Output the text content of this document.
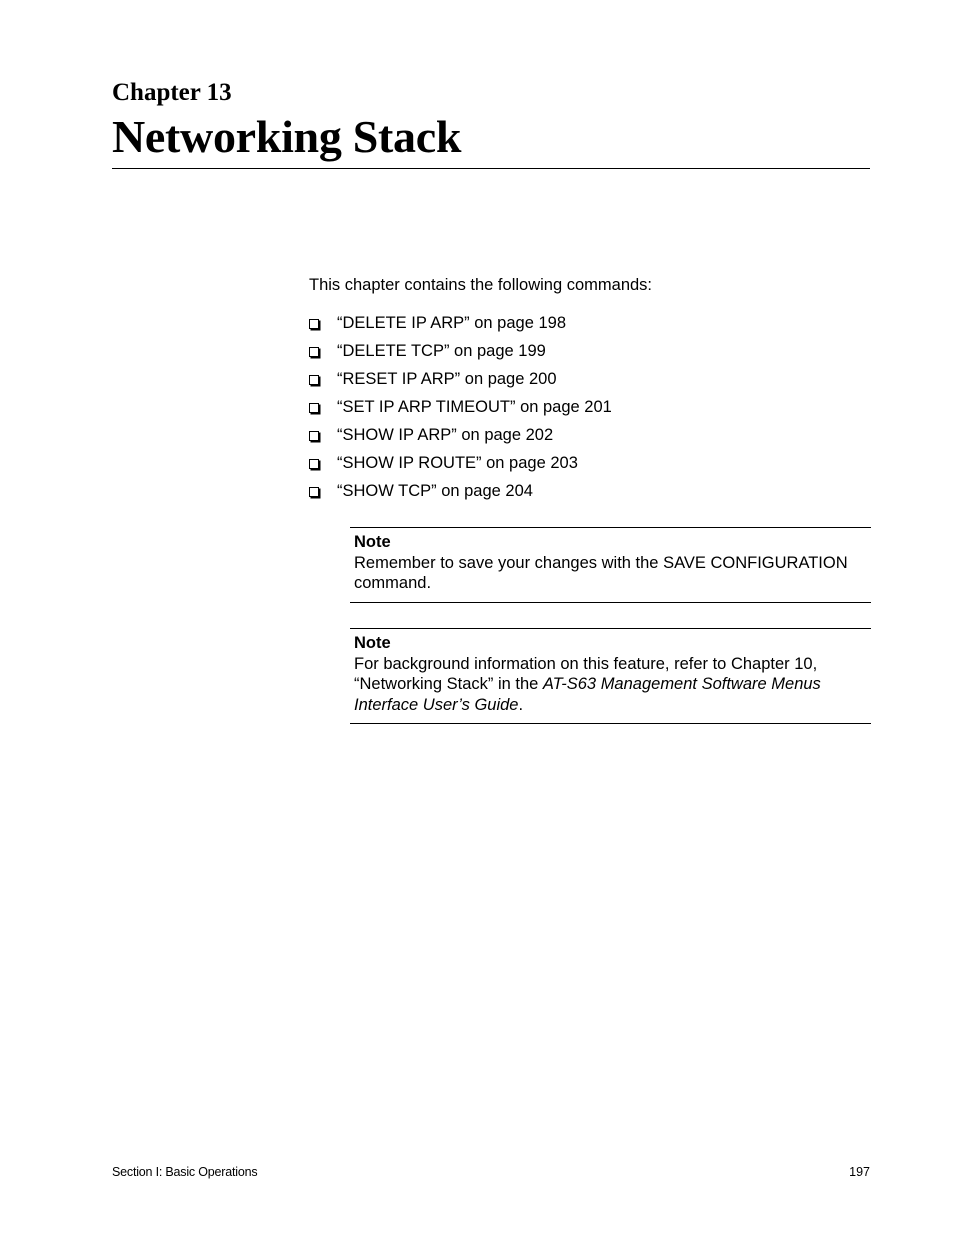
Chapter 13
Networking Stack

This chapter contains the following commands:

“DELETE IP ARP” on page 198
“DELETE TCP” on page 199
“RESET IP ARP” on page 200
“SET IP ARP TIMEOUT” on page 201
“SHOW IP ARP” on page 202
“SHOW IP ROUTE” on page 203
“SHOW TCP” on page 204
Note
Remember to save your changes with the SAVE CONFIGURATION command.
Note
For background information on this feature, refer to Chapter 10, “Networking Stack” in the AT-S63 Management Software Menus Interface User’s Guide.
Section I: Basic Operations	197
